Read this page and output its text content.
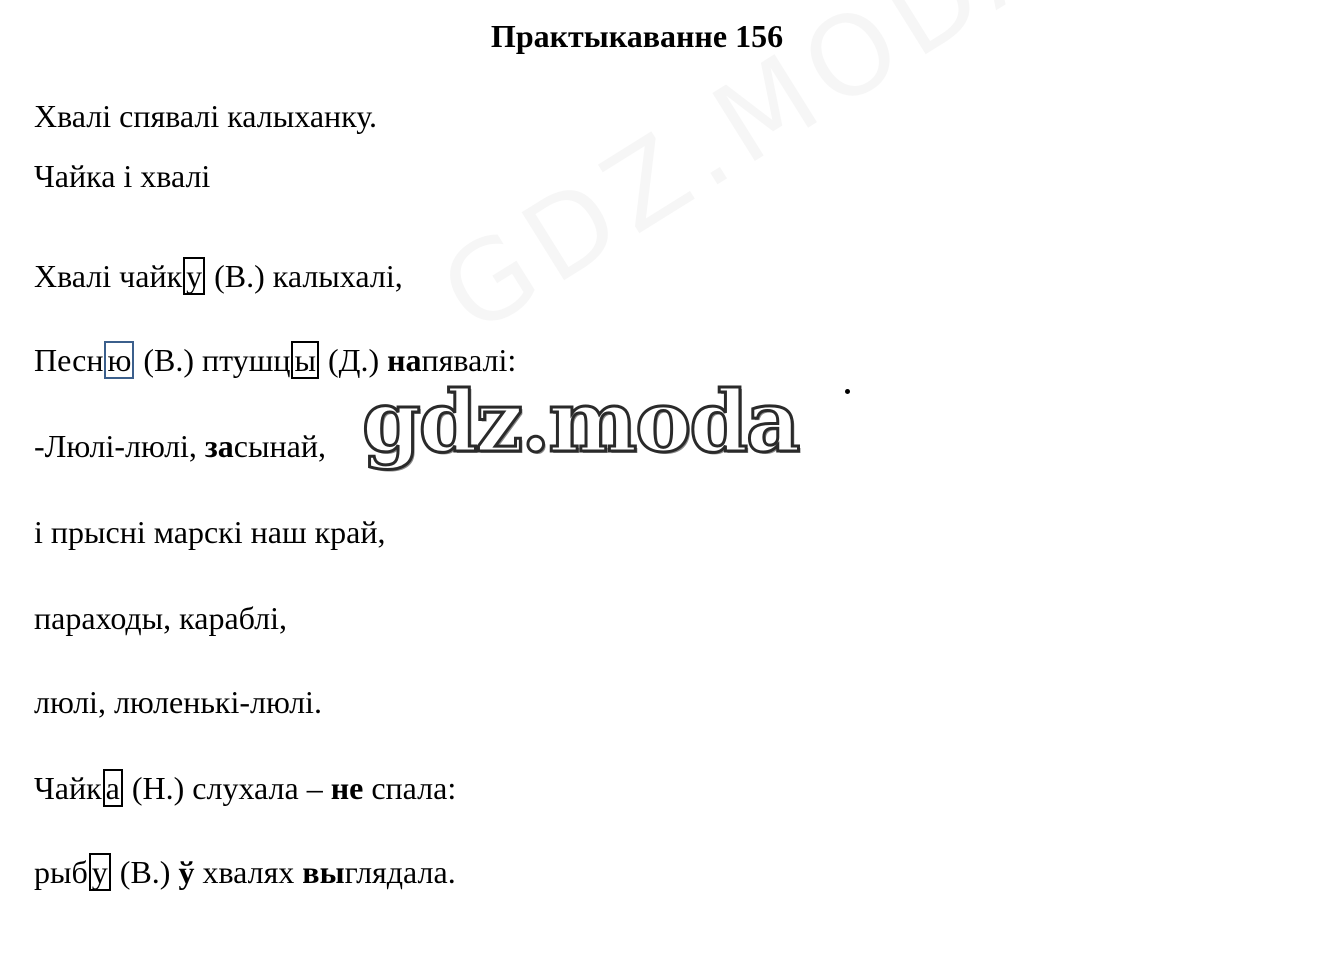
Практыкаванне 156
Хвалі спявалі калыханку.
Чайка і хвалі
Хвалі чайк у (В.) калыхалі,
Песн ю (В.) птушц ы (Д.) напявалі:
-Люлі-люлі, засынай,
і прысні марскі наш край,
параходы, караблі,
люлі, люленькі-люлі.
Чайк а (Н.) слухала – не спала:
рыб у (В.) ў хвалях выглядала.
gdz.moda
